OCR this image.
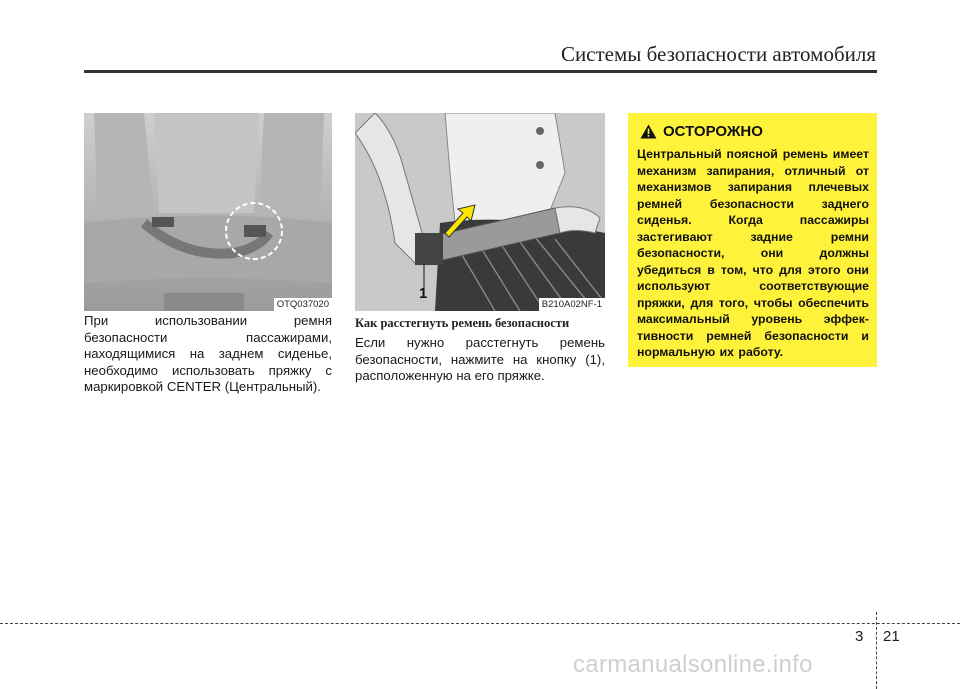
Системы безопасности автомобиля
OTQ037020
1
B210A02NF-1
При использовании ремня безопасности пассажирами, находящимися на заднем сиденье, необходимо использовать пряжку с маркировкой CENTER (Центральный).
Как расстегнуть ремень безопасности
Если нужно расстегнуть ремень безопасности, нажмите на кнопку (1), расположенную на его пряжке.
ОСТОРОЖНО
Центральный поясной ремень имеет механизм запирания, отличный от механизмов запирания плечевых ремней безопасности заднего сиденья. Когда пассажиры застегивают задние ремни безопасности, они должны убедиться в том, что для этого они используют соответствующие пряжки, для того, чтобы обеспечить максимальный уровень эффек-тивности ремней безопасности и нормальную их работу.
3 21
carmanualsonline.info
